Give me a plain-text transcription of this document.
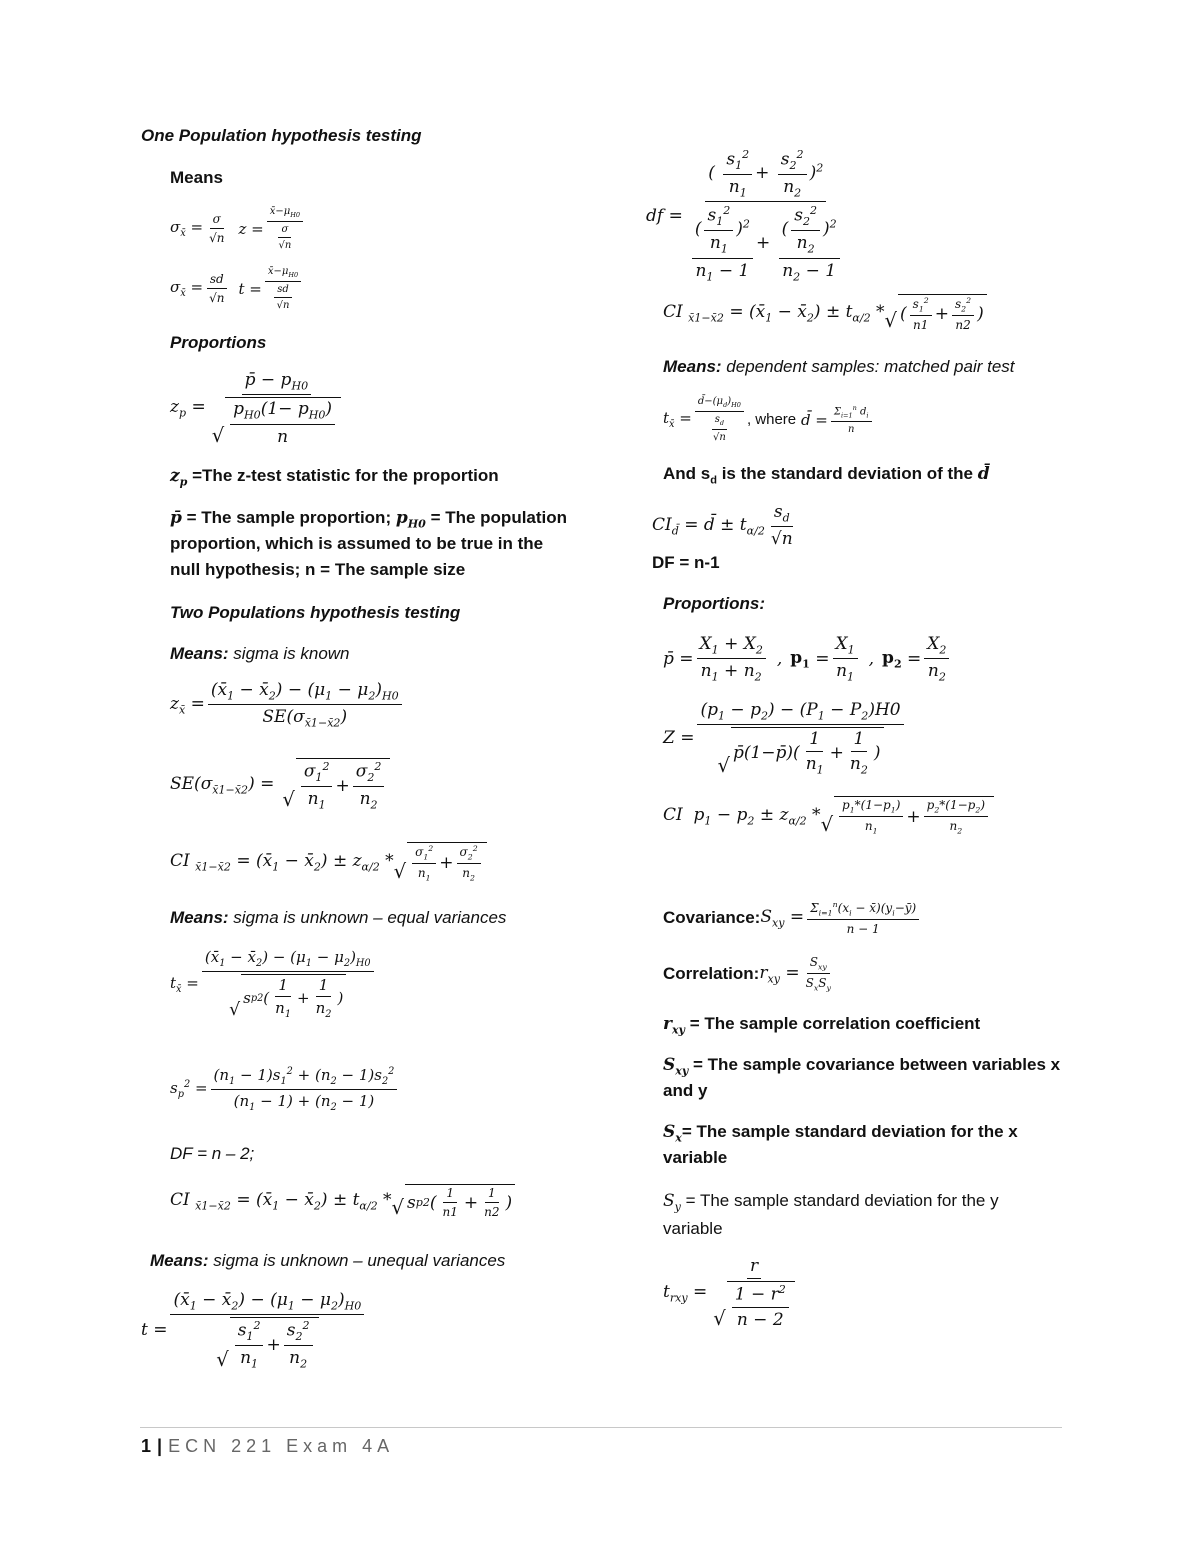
One Population hypothesis testing
Means
$\sigma_{x̄} = \frac{\sigma}{√n}$ $z = \frac{x̄-\mu_{H0}}{\frac{\sigma}{√n}}$
$\sigma_{x̄} = \frac{sd}{√n}$ $t = \frac{x̄-\mu_{H0}}{\frac{sd}{√n}}$
Proportions
$z_p = \frac{p̄ - p_{H0}}{√ \frac{p_{H0}(1- p_{H0})}{n}}$
$z_p =The$ z-test statistic for the proportion
p̄ = The sample proportion; $p_{H0}$ = The population
proportion, which is assumed to be true in the
null hypothesis; n = The sample size
Two Populations hypothesis testing
Means: sigma is known
$z_{x̄} = \frac{(x̄_1 - x̄_2) - (\mu_1 - \mu_2)_{H0}}{SE(\sigma_{x̄1-x̄2})}$
$SE(\sigma_{x̄1-x̄2})$ =
√ $\frac{\sigma_1^2}{n_1} + \frac{\sigma_2^2}{n_2}$
CI $_{x̄1-x̄2} = (x̄_1$ − $x̄_2) \pm z_{\alpha/2}$ * √ $\frac{\sigma_1^2}{n_1} + \frac{\sigma_2^2}{n_2}$
Means: sigma is unknown – equal variances
$t_{x̄}$ = ($x̄_1$ − $x̄_2) - (\mu_1 - \mu_2)_{H0}$
√
s p 2 ( $\frac{1}{n_1} + \frac{1}{n_2}$ )
$s_p^2 = \frac{(n_1 - 1)s_1^2 + (n_2 - 1)s_2^2}{(n_1 - 1) + (n_2 - 1)}$
DF = n – 2;
CI $_{x̄1-x̄2} = (x̄_1$ − $x̄_2) \pm t_{\alpha/2}$ * √ s p 2 ( $\frac{1}{n1} + \frac{1}{n2}$ )
Means: sigma is unknown – unequal variances
$t = \frac{(x̄_1 - x̄_2) - (\mu_1 - \mu_2)_{H0}}{√ \frac{s_1^2}{n_1} + \frac{s_2^2}{n_2}}$
df = $\frac{( \frac{s_1^2}{n_1} + \frac{s_2^2}{n_2} )^2}{\frac{( \frac{s_1^2}{n_1} )^2}{n_1 - 1} + \frac{( \frac{s_2^2}{n_2} )^2}{n_2 - 1}}$
CI $_{x̄1-x̄2} = (x̄_1$ − $x̄_2) \pm t_{\alpha/2}$ * √ ( $\frac{s_1^2}{n1} + \frac{s_2^2}{n2}$ )
Means: dependent samples: matched pair test
$t_{x̄} = \frac{d̄-(\mu_d)_{H0}}{\frac{s_d}{√n}}$ , where
d̄ = $\frac{\Sigma_{i=1}^n d_i}{n}$
And $s_d$ is the standard deviation of the d̄
$CI_{d̄}$ = d̄ ± $t_{\alpha/2} \frac{s_d}{√n}$
DF = n-1
Proportions:
p̄ = $\frac{X_1 + X_2}{n_1 + n_2}$ , $p_1 = \frac{X_1}{n_1}$ , $p_2 = \frac{X_2}{n_2}$
$Z = (p_1 - p_2) - (P_1 - P_2)H0$
√
p̄(1−p̄)( $\frac{1}{n_1} + \frac{1}{n_2}$ )
CI  $p_1 - p_2 \pm z_{\alpha/2}$ * √ $\frac{p_1*(1-p_1)}{n_1} + \frac{p_2*(1-p_2)}{n_2}$
Covariance: $S_{xy} = \frac{\Sigma_{i=1}^n(x_i - x̄)(y_i-ȳ)}{n - 1}$
Correlation: $r_{xy} = \frac{S_{xy}}{S_xS_y}$
$r_{xy}$ = The sample correlation coefficient
$S_{xy}$ = The sample covariance between variables x
and y
$S_x=$ The sample standard deviation for the x
variable
$S_y$ = The sample standard deviation for the y
variable
$t_{rxy} = \frac{r}{√ \frac{1 - r^2}{n - 2}}$
1 | ECN 221 Exam 4A
